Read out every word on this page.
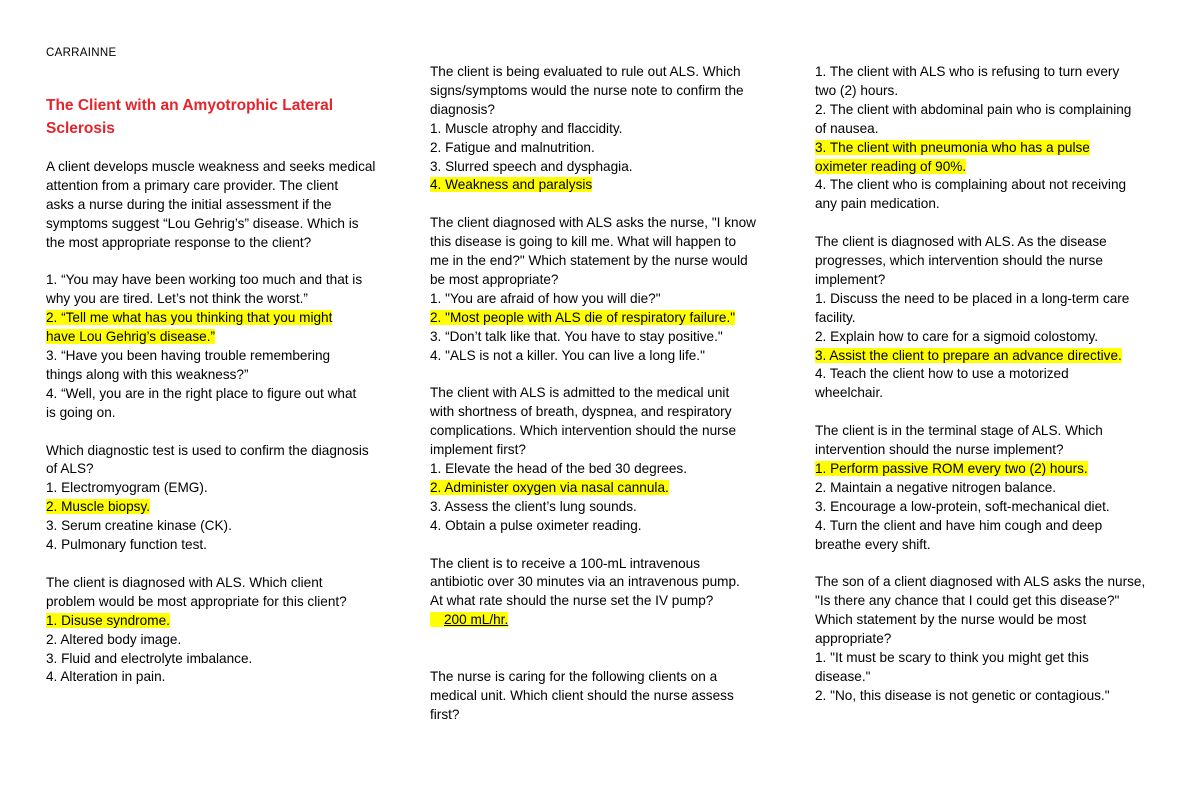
CARRAINNE
The Client with an Amyotrophic Lateral Sclerosis
A client develops muscle weakness and seeks medical
attention from a primary care provider. The client
asks a nurse during the initial assessment if the
symptoms suggest “Lou Gehrig’s” disease. Which is
the most appropriate response to the client?
1. “You may have been working too much and that is
why you are tired. Let’s not think the worst.”
2. “Tell me what has you thinking that you might
have Lou Gehrig’s disease.”
3. “Have you been having trouble remembering
things along with this weakness?”
4. “Well, you are in the right place to figure out what
is going on.
Which diagnostic test is used to confirm the diagnosis
of ALS?
1. Electromyogram (EMG).
2. Muscle biopsy.
3. Serum creatine kinase (CK).
4. Pulmonary function test.
The client is diagnosed with ALS. Which client
problem would be most appropriate for this client?
1. Disuse syndrome.
2. Altered body image.
3. Fluid and electrolyte imbalance.
4. Alteration in pain.
The client is being evaluated to rule out ALS. Which
signs/symptoms would the nurse note to confirm the
diagnosis?
1. Muscle atrophy and flaccidity.
2. Fatigue and malnutrition.
3. Slurred speech and dysphagia.
4. Weakness and paralysis
The client diagnosed with ALS asks the nurse, "I know
this disease is going to kill me. What will happen to
me in the end?" Which statement by the nurse would
be most appropriate?
1. "You are afraid of how you will die?"
2. "Most people with ALS die of respiratory failure."
3. “Don’t talk like that. You have to stay positive."
4. "ALS is not a killer. You can live a long life."
The client with ALS is admitted to the medical unit
with shortness of breath, dyspnea, and respiratory
complications. Which intervention should the nurse
implement first?
1. Elevate the head of the bed 30 degrees.
2. Administer oxygen via nasal cannula.
3. Assess the client’s lung sounds.
4. Obtain a pulse oximeter reading.
The client is to receive a 100-mL intravenous
antibiotic over 30 minutes via an intravenous pump.
At what rate should the nurse set the IV pump?
200 mL/hr.
The nurse is caring for the following clients on a
medical unit. Which client should the nurse assess
first?
1. The client with ALS who is refusing to turn every
two (2) hours.
2. The client with abdominal pain who is complaining
of nausea.
3. The client with pneumonia who has a pulse
oximeter reading of 90%.
4. The client who is complaining about not receiving
any pain medication.
The client is diagnosed with ALS. As the disease
progresses, which intervention should the nurse
implement?
1. Discuss the need to be placed in a long-term care
facility.
2. Explain how to care for a sigmoid colostomy.
3. Assist the client to prepare an advance directive.
4. Teach the client how to use a motorized
wheelchair.
The client is in the terminal stage of ALS. Which
intervention should the nurse implement?
1. Perform passive ROM every two (2) hours.
2. Maintain a negative nitrogen balance.
3. Encourage a low-protein, soft-mechanical diet.
4. Turn the client and have him cough and deep
breathe every shift.
The son of a client diagnosed with ALS asks the nurse,
"Is there any chance that I could get this disease?"
Which statement by the nurse would be most
appropriate?
1. "It must be scary to think you might get this
disease."
2. "No, this disease is not genetic or contagious."
